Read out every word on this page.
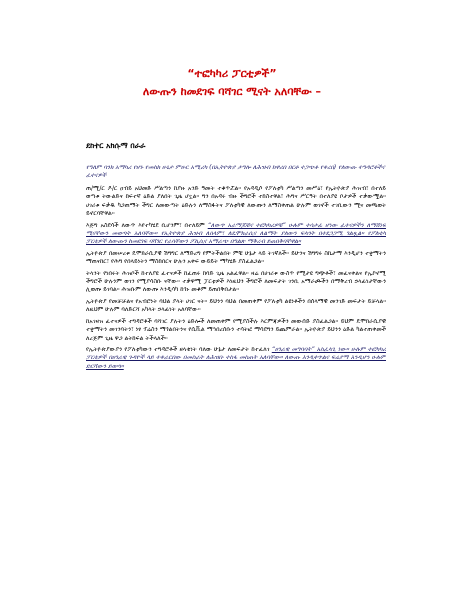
“ተፎካካሪ ፓርቲዎች”
ለውጡን ከመደገፍ ባሻገር ሚናት አለባቸው –
ደከተር አክሱማ በራራ
የዓለም ባንክ አማካሪ የሆኑ የመስክ ሁኔታ ምሁር አሚሪካ (በኢትዮጵያ ታግሎ ለሕዝብ ከዋሪበ በርቶ ተጋጭቶ የቀረበ) የለውጡ ተግዳሮቶችና ፈተናዎች

ጠ/ሚ/ር ዶ/ር ዐብይ አህመድ ሥልጣን ከያዙ አንድ ዓመት ተቆጥሯል። የአዳዲሶ የፖለቲካ ሥልጣን መሥዕ፣ የኢትዮጵያ ሕዝብ፣ በተለይ ወጣቱ ትውልድና ከፍተኛ ዕድል ያለበት ጊዜ ሆኗል። ግን በአዳሩ ብዙ ችግሮች ተከስተዋል፣ ሕግና ሥርዓት በተለያዩ ቦታዎች ተቃውሟል። ሀገሪቱ ፍቃዱ ካጋጠማት ችግር ለመውጣት ዕድሉን ለማስፋትና ፖለቲካዊ ለውጡን ለማስቀጠል ሁሉም ወገኖች ተገቢውን ሚና መጫወት ይኖርባቸዋል።

እጅግ አስደሳች ለውጥ እየተካሄደ ቢሆንም፣ በተለይም “ለውጥ አራማጆቹና ተፎካካሪዎቹ” ሁሉም ተሳታፊ ሆነው ፈተናዎችን ለማሸነፍ ሚናቸውን መወጣት አለባቸው። የኢትዮጵያ ሕዝብ ለሰላም፣ ለዴሞክራሲና ለልማት ያለውን ፍላጎት በተደጋጋሚ ገልጿል። የፖለቲካ ፓርቲዎች ለውጡን ከመደገፍ ባሻገር የራሳቸውን ፖሊሲና አማራጭ በግልጽ ማቅረብ ይጠበቅባቸዋል።

ኢትዮጵያ በመሠረቱ ዴሞክራሲያዊ ሽግግር ለማድረግ የምትችልበት ምቹ ሁኔታ ላይ ትገኛለች። ይሁንና ሽግግሩ ስኬታማ እንዲሆን ተቋማትን ማጠናከር፣ የሕግ የበላይነትን ማስከበርና ሁሉን አቀፍ ውይይት ማካሄድ ያስፈልጋል።

ትላንት የነበሩት ሕዝቦች ከተለያዩ ፈተናዎች ከፈጠሩ ከባድ ጊዜ አልፈዋል። ዛሬ በሀገሪቱ ውስጥ የሚታዩ ግጭቶች፣ መፈናቀልና የኢኮኖሚ ችግሮች ሁሉንም ወገን የሚያሳስቡ ናቸው። ተቃዋሚ ፓርቲዎች እነዚህን ችግሮች ለመፍታት ገንቢ አማራጮችን በማቅረብ ኃላፊነታቸውን ሊወጡ ይገባል። ሕዝቡም ለውጡ እንዲሳካ ከጎኑ መቆም ይጠበቅበታል።

ኢትዮጵያ የመቻቻልና የአብሮነት ባህል ያላት ሀገር ናት። ይህንን ባህል በመጠቀም የፖለቲካ ልዩነቶችን በሰላማዊ መንገድ መፍታት ይቻላል። ለዚህም ሁሉም ባለድርሻ አካላት ኃላፊነት አለባቸው።

ከአገዛዝ ፈተናዎች ተግዳሮቶች ባሻገር ያሉትን ዕድሎች ለመጠቀም የሚያስችሉ እርምጃዎችን መውሰድ ያስፈልጋል። ይህም ዴሞክራሲያዊ ተቋማትን መገንባትን፣ ነፃ ፕሬስን ማጎልበትንና የሲቪል ማኅበረሰቡን ተሳትፎ ማሳደግን ይጨምራል። ኢትዮጵያ ይህንን ዕድል ካልተጠቀመች ለረጅም ጊዜ ዋጋ ልትከፍል ትችላለች።

የኢትዮጵያውያን የፖለቲካውን ተግዳሮቶች ዘላቂነት ባለው ሁኔታ ለመፍታት ከተፈለገ “ሀገራዊ መግባባት” አስፈላጊ ነው። ሁሉም ተፎካካሪ ፓርቲዎች በሀገራዊ ጉዳዮች ላይ ተቀራርበው በመስራት ለሕዝቡ ተስፋ መስጠት አለባቸው። ለውጡ እንዲቀጥልና ፍሬያማ እንዲሆን ሁሉም ድርሻውን ይወጣ።
